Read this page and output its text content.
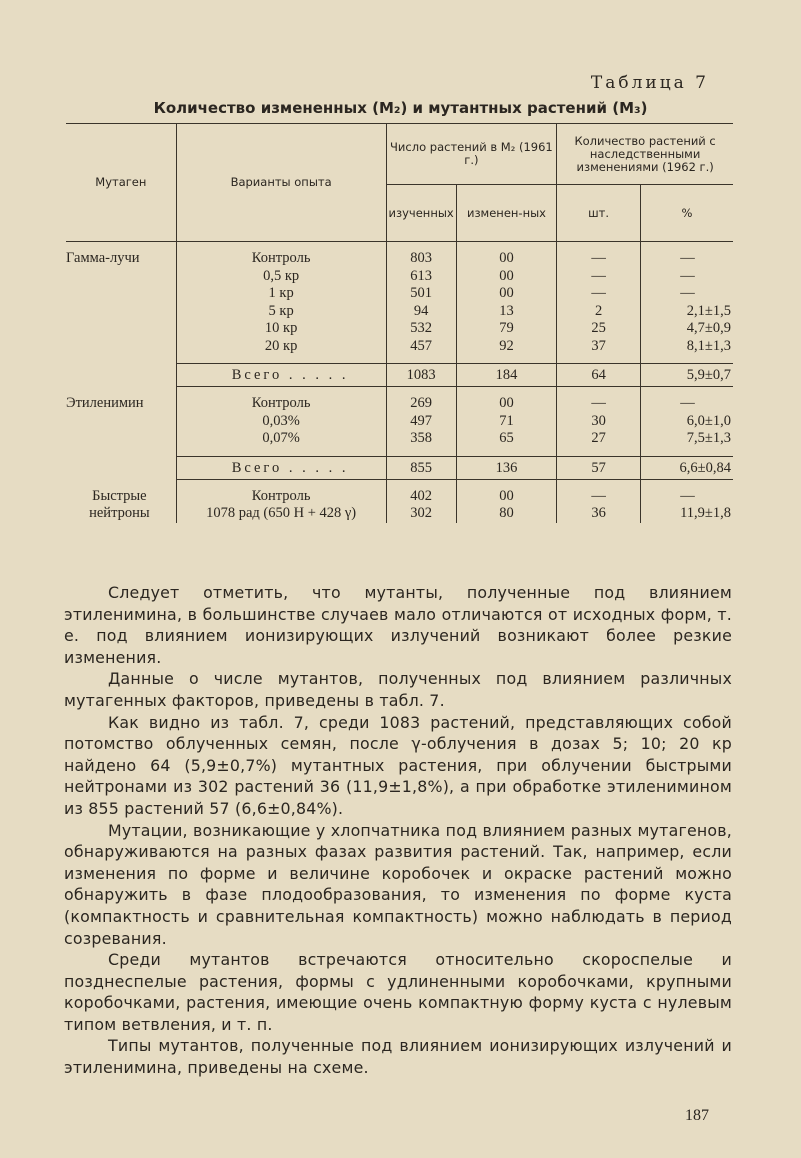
Таблица 7
Количество измененных (M₂) и мутантных растений (M₃)
Мутаген	Варианты опыта	Число растений в M₂ (1961 г.)		Количество растений с наследственными изменениями (1962 г.)	
		изученных	изменен-ных	шт.	%

Гамма-лучи	Контроль	803	00	—	—
	0,5 кр	613	00	—	—
	1 кр	501	00	—	—
	5 кр	94	13	2	2,1±1,5
	10 кр	532	79	25	4,7±0,9
	20 кр	457	92	37	8,1±1,3

	Всего . . . . .	1083	184	64	5,9±0,7

Этиленимин	Контроль	269	00	—	—
	0,03%	497	71	30	6,0±1,0
	0,07%	358	65	27	7,5±1,3

	Всего . . . . .	855	136	57	6,6±0,84

Быстрые	Контроль	402	00	—	—
нейтроны	1078 рад (650 Н + 428 γ)	302	80	36	11,9±1,8

Следует отметить, что мутанты, полученные под влиянием этиленимина, в большинстве случаев мало отличаются от исходных форм, т. е. под влиянием ионизирующих излучений возникают более резкие изменения.

Данные о числе мутантов, полученных под влиянием различных мутагенных факторов, приведены в табл. 7.

Как видно из табл. 7, среди 1083 растений, представляющих собой потомство облученных семян, после γ-облучения в дозах 5; 10; 20 кр найдено 64 (5,9±0,7%) мутантных растения, при облучении быстрыми нейтронами из 302 растений 36 (11,9±1,8%), а при обработке этиленимином из 855 растений 57 (6,6±0,84%).

Мутации, возникающие у хлопчатника под влиянием разных мутагенов, обнаруживаются на разных фазах развития растений. Так, например, если изменения по форме и величине коробочек и окраске растений можно обнаружить в фазе плодообразования, то изменения по форме куста (компактность и сравнительная компактность) можно наблюдать в период созревания.

Среди мутантов встречаются относительно скороспелые и позднеспелые растения, формы с удлиненными коробочками, крупными коробочками, растения, имеющие очень компактную форму куста с нулевым типом ветвления, и т. п.

Типы мутантов, полученные под влиянием ионизирующих излучений и этиленимина, приведены на схеме.

187
